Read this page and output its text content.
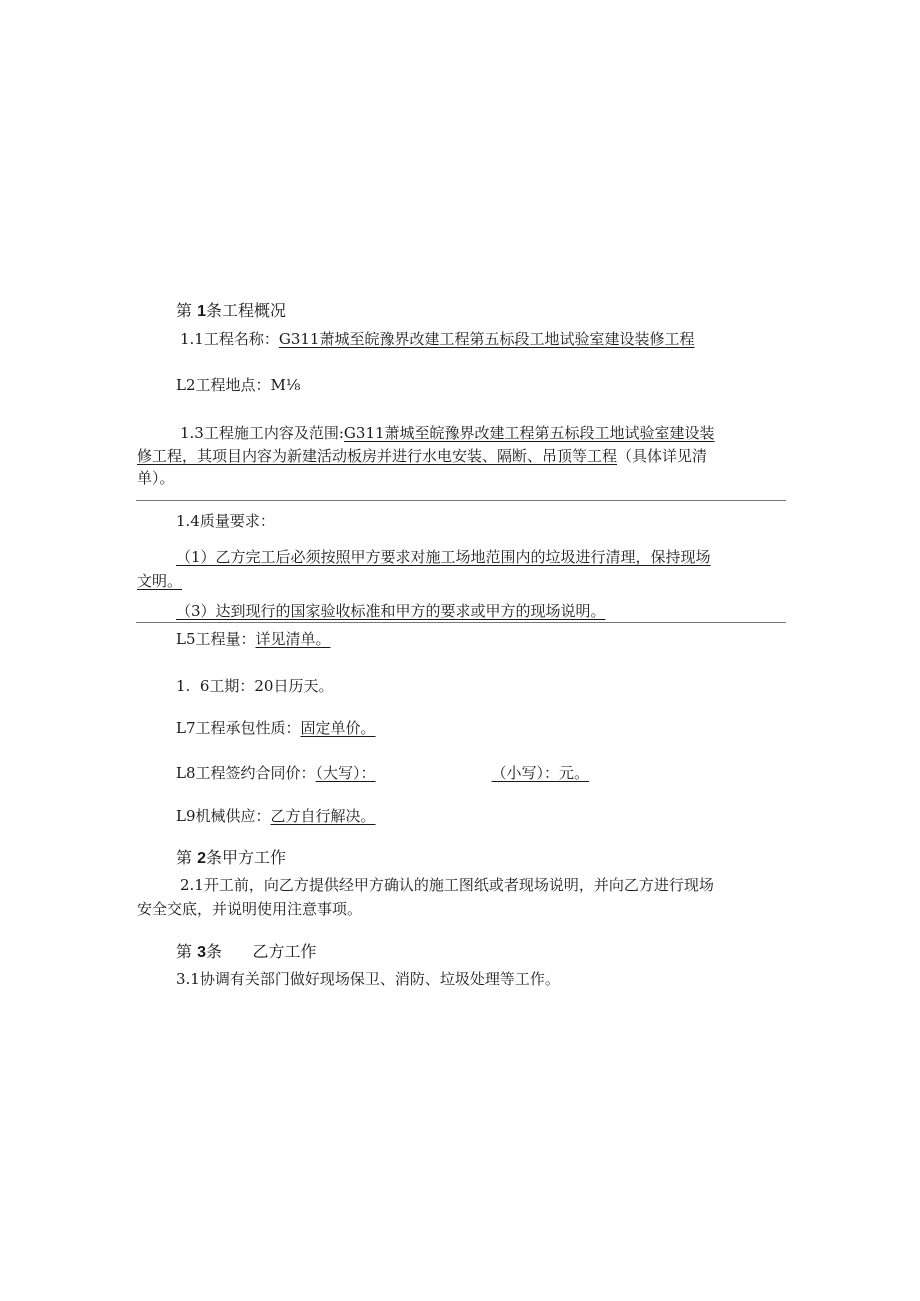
第 1条工程概况
1.1工程名称：G311萧城至皖豫界改建工程第五标段工地试验室建设装修工程
L2工程地点：M⅛
1.3工程施工内容及范围:G311萧城至皖豫界改建工程第五标段工地试验室建设装
修工程，其项目内容为新建活动板房并进行水电安装、隔断、吊顶等工程（具体详见清
单）。
1.4质量要求：
（1）乙方完工后必须按照甲方要求对施工场地范围内的垃圾进行清理，保持现场
文明。
（3）达到现行的国家验收标准和甲方的要求或甲方的现场说明。
L5工程量：详见清单。
1.  6工期：20日历天。
L7工程承包性质：固定单价。
L8工程签约合同价：（大写）：	（小写）：元。
L9机械供应：乙方自行解决。
第 2条甲方工作
2.1开工前，向乙方提供经甲方确认的施工图纸或者现场说明，并向乙方进行现场
安全交底，并说明使用注意事项。
第 3条      乙方工作
3.1协调有关部门做好现场保卫、消防、垃圾处理等工作。
